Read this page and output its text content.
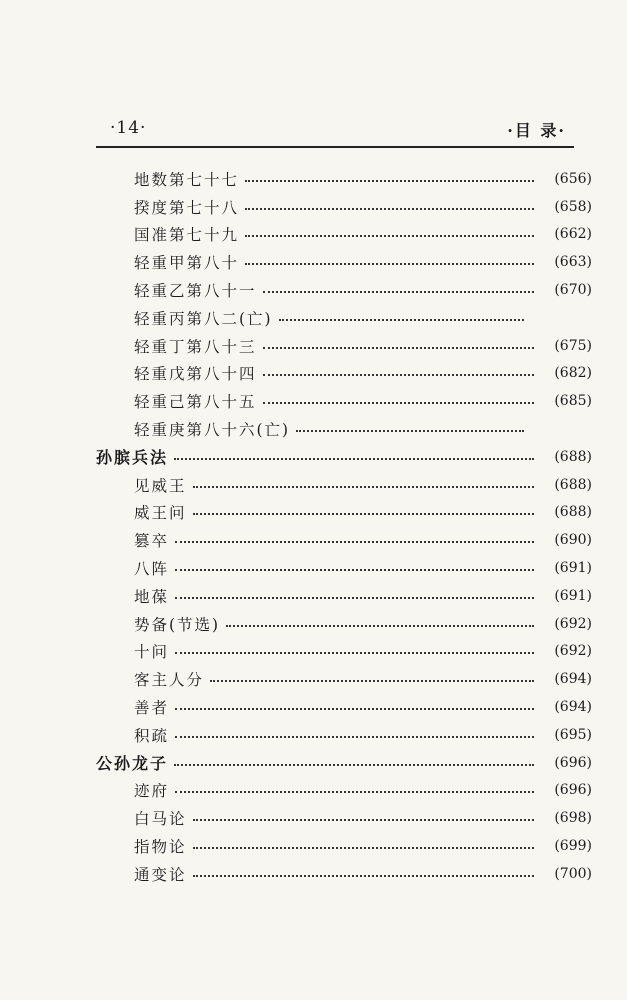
·14·	·目 录·
地数第七十七	(656)
揆度第七十八	(658)
国准第七十九	(662)
轻重甲第八十	(663)
轻重乙第八十一	(670)
轻重丙第八二(亡)
轻重丁第八十三	(675)
轻重戊第八十四	(682)
轻重己第八十五	(685)
轻重庚第八十六(亡)
孙膑兵法	(688)
见威王	(688)
威王问	(688)
篡卒	(690)
八阵	(691)
地葆	(691)
势备(节选)	(692)
十问	(692)
客主人分	(694)
善者	(694)
积疏	(695)
公孙龙子	(696)
迹府	(696)
白马论	(698)
指物论	(699)
通变论	(700)
